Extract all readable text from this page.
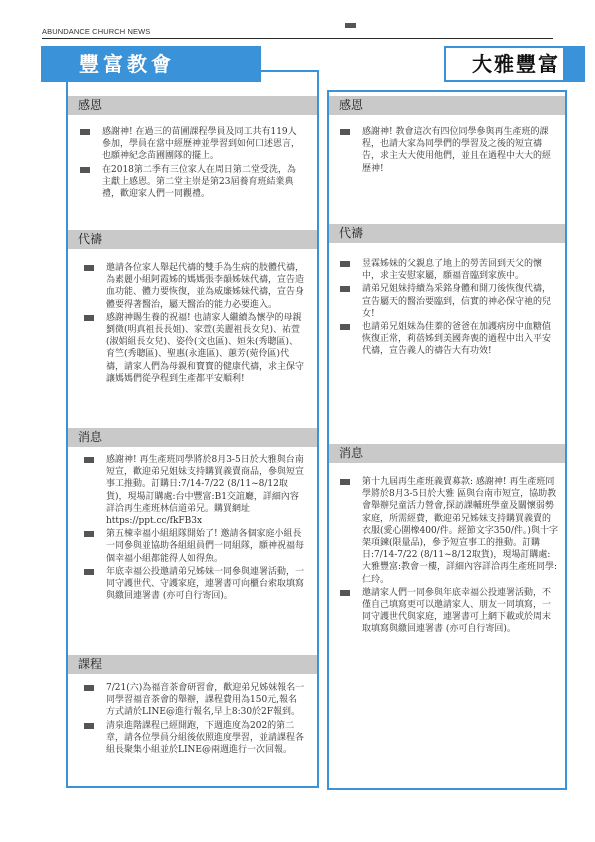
ABUNDANCE CHURCH NEWS
豐富教會
感恩
感謝神! 在過三的苗圃課程學員及同工共有119人參加，學員在當中經歷神並學習到如何口述恩言，也願神紀念苗圃團隊的擺上。
在2018第二季有三位家人在周日第二堂受洗，為主獻上感恩。第二堂主崇是第23屆養育班結業典禮，歡迎家人們一同觀禮。
代禱
邀請各位家人舉起代禱的雙手為生病的肢體代禱，為素麗小組阿霞姊的媽媽張李韻姊妹代禱，宣告造血功能、體力要恢復，並為威廉姊妹代禱，宣告身體要得著醫治，屬天醫治的能力必要進入。
感謝神賜生養的祝福! 也請家人繼續為懷孕的母親劉微(明真祖長長姐)、家萱(美麗祖長女兒)、祐萱(淑娟組長女兒)、姿伶(文也區)、姮朱(秀聰區)、育竺(秀聰區)、聖惠(永進區)、蕙芳(菀伶區)代禱，請家人們為母親和寶寶的健康代禱，求主保守讓媽媽們從孕程到生產都平安順利!
消息
感謝神! 再生產班同學將於8月3-5日於大雅與台南短宣，歡迎弟兄姐妹支持購買義賣商品，參與短宣事工推動。訂購日:7/14-7/22 (8/11~8/12取貨)，現場訂購處:台中豐富:B1交誼廳，詳細內容詳洽再生產班林信道弟兄。購買網址https://ppt.cc/fkFB3x
第五棟幸福小組組隊開始了! 邀請各個家庭小組長一同參與並協助各組組員們一同組隊，願神祝福每個幸福小組都能得人如得魚。
年底幸福公投邀請弟兄姊妹一同參與連署活動，一同守護世代、守護家庭，連署書可向櫃台索取填寫與繳回連署書 (亦可自行寄回)。
課程
7/21(六)為福音茶會研習會，歡迎弟兄姊妹報名一同學習福音茶會的舉辦，課程費用為150元,報名方式請於LINE@進行報名,早上8:30於2F報到。
清泉進階課程已經開跑，下週進度為202的第二章，請各位學員分組後依照進度學習，並請課程各組長聚集小組並於LINE@兩週進行一次回報。
大雅豐富
感恩
感謝神! 教會這次有四位同學參與再生產班的課程，也請大家為同學們的學習及之後的短宣禱告，求主大大使用他們，並且在過程中大大的經歷神!
代禱
昱霖姊妹的父親息了地上的勞苦回到天父的懷中，求主安慰家屬，願福音臨到家族中。
請弟兄姐妹持續為采銘身體和開刀後恢復代禱，宣告屬天的醫治要臨到，信實的神必保守祂的兒女!
也請弟兄姐妹為佳蓁的爸爸在加護病房中血糖值恢復正常，莉蓓姊到美國奔喪的過程中出入平安代禱，宣告義人的禱告大有功效!
消息
第十九屆再生產班義賣募款: 感謝神! 再生產班同學將於8月3-5日於大雅 區與台南市短宣，協助教會舉辦兒童活力營會,探訪課輔班學童及關懷弱勢家庭，所需經費，歡迎弟兄姊妹支持購買義賣的衣服(愛心圍橡400/件。經節文字350/件。)與十字架項鍊(限量品)，參予短宣事工的推動。訂購日:7/14-7/22 (8/11~8/12取貨)，現場訂購處:大雅豐富:教會一樓，詳細內容詳洽再生產班同學:仁玲。
邀請家人們一同參與年底幸福公投連署活動，不僅自己填寫更可以邀請家人、朋友一同填寫，一同守護世代與家庭，連署書可上網下載或於周末取填寫與繳回連署書 (亦可自行寄回)。
